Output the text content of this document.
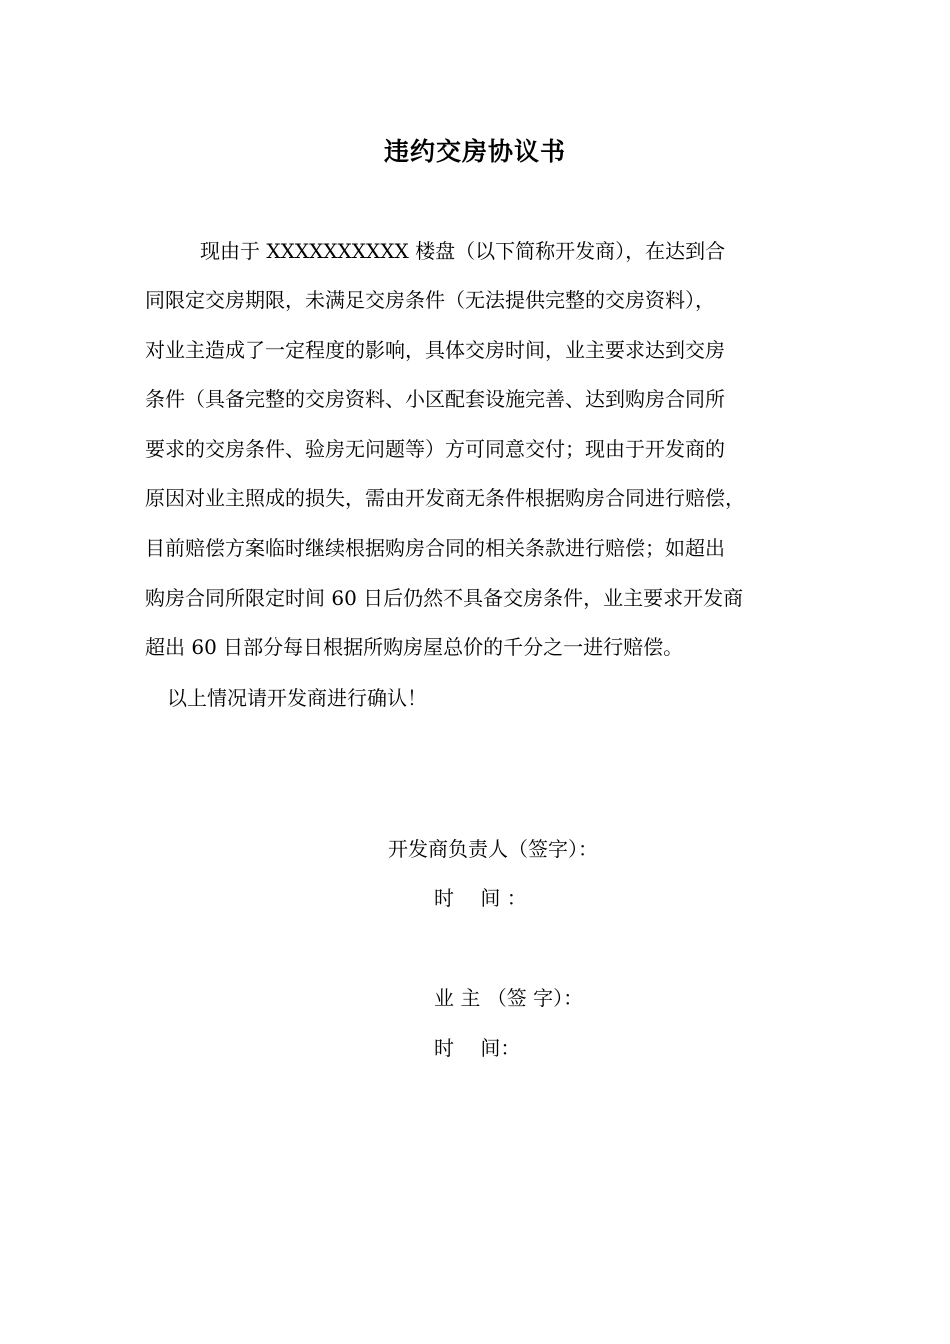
违约交房协议书

现由于 XXXXXXXXXX 楼盘（以下简称开发商），在达到合

同限定交房期限，未满足交房条件（无法提供完整的交房资料），

对业主造成了一定程度的影响，具体交房时间，业主要求达到交房

条件（具备完整的交房资料、小区配套设施完善、达到购房合同所

要求的交房条件、验房无问题等）方可同意交付；现由于开发商的

原因对业主照成的损失，需由开发商无条件根据购房合同进行赔偿，

目前赔偿方案临时继续根据购房合同的相关条款进行赔偿；如超出

购房合同所限定时间 60 日后仍然不具备交房条件，业主要求开发商

超出 60 日部分每日根据所购房屋总价的千分之一进行赔偿。

以上情况请开发商进行确认！

开发商负责人（签字）：

时　 间 ：

业 主 （签 字）：

时　 间：
